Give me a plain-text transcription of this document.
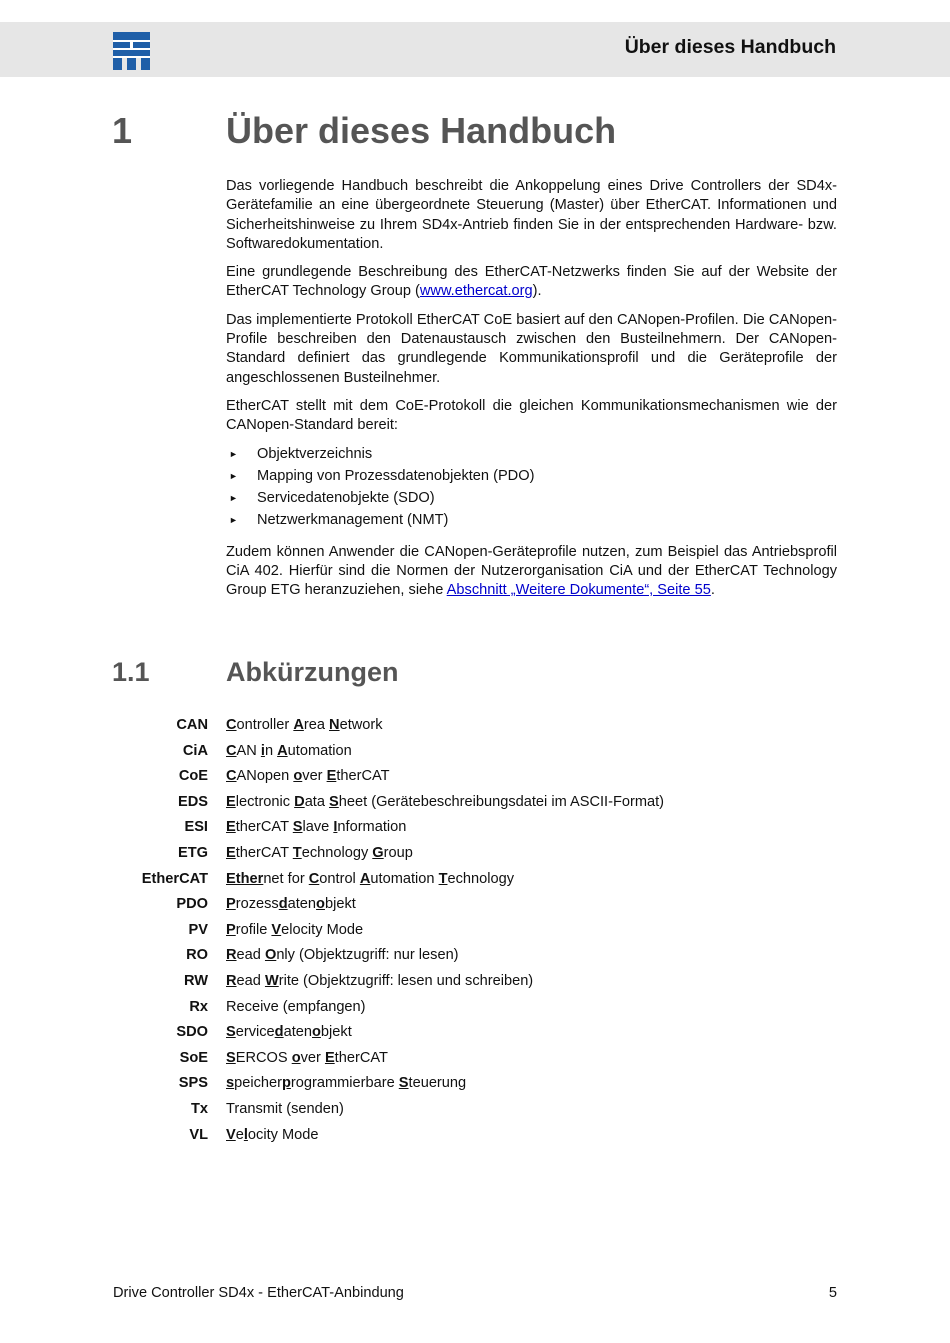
Über dieses Handbuch
1	Über dieses Handbuch

Das vorliegende Handbuch beschreibt die Ankoppelung eines Drive Controllers der SD4x-Gerätefamilie an eine übergeordnete Steuerung (Master) über EtherCAT. Informationen und Sicherheitshinweise zu Ihrem SD4x-Antrieb finden Sie in der entsprechenden Hardware- bzw. Softwaredokumentation.

Eine grundlegende Beschreibung des EtherCAT-Netzwerks finden Sie auf der Website der EtherCAT Technology Group (www.ethercat.org).

Das implementierte Protokoll EtherCAT CoE basiert auf den CANopen-Profilen. Die CANopen-Profile beschreiben den Datenaustausch zwischen den Busteilnehmern. Der CANopen-Standard definiert das grundlegende Kommunikationsprofil und die Geräteprofile der angeschlossenen Busteilnehmer.

EtherCAT stellt mit dem CoE-Protokoll die gleichen Kommunikationsmechanismen wie der CANopen-Standard bereit:

► Objektverzeichnis
► Mapping von Prozessdatenobjekten (PDO)
► Servicedatenobjekte (SDO)
► Netzwerkmanagement (NMT)

Zudem können Anwender die CANopen-Geräteprofile nutzen, zum Beispiel das Antriebsprofil CiA 402. Hierfür sind die Normen der Nutzerorganisation CiA und der EtherCAT Technology Group ETG heranzuziehen, siehe Abschnitt „Weitere Dokumente“, Seite 55.

1.1	Abkürzungen
CAN Controller Area Network
CiA CAN in Automation
CoE CANopen over EtherCAT
EDS Electronic Data Sheet (Gerätebeschreibungsdatei im ASCII-Format)
ESI EtherCAT Slave Information
ETG EtherCAT Technology Group
EtherCAT Ethernet for Control Automation Technology
PDO Prozessdatenobjekt
PV Profile Velocity Mode
RO Read Only (Objektzugriff: nur lesen)
RW Read Write (Objektzugriff: lesen und schreiben)
Rx Receive (empfangen)
SDO Servicedatenobjekt
SoE SERCOS over EtherCAT
SPS speicherprogrammierbare Steuerung
Tx Transmit (senden)
VL Velocity Mode
Drive Controller SD4x - EtherCAT-Anbindung	5
